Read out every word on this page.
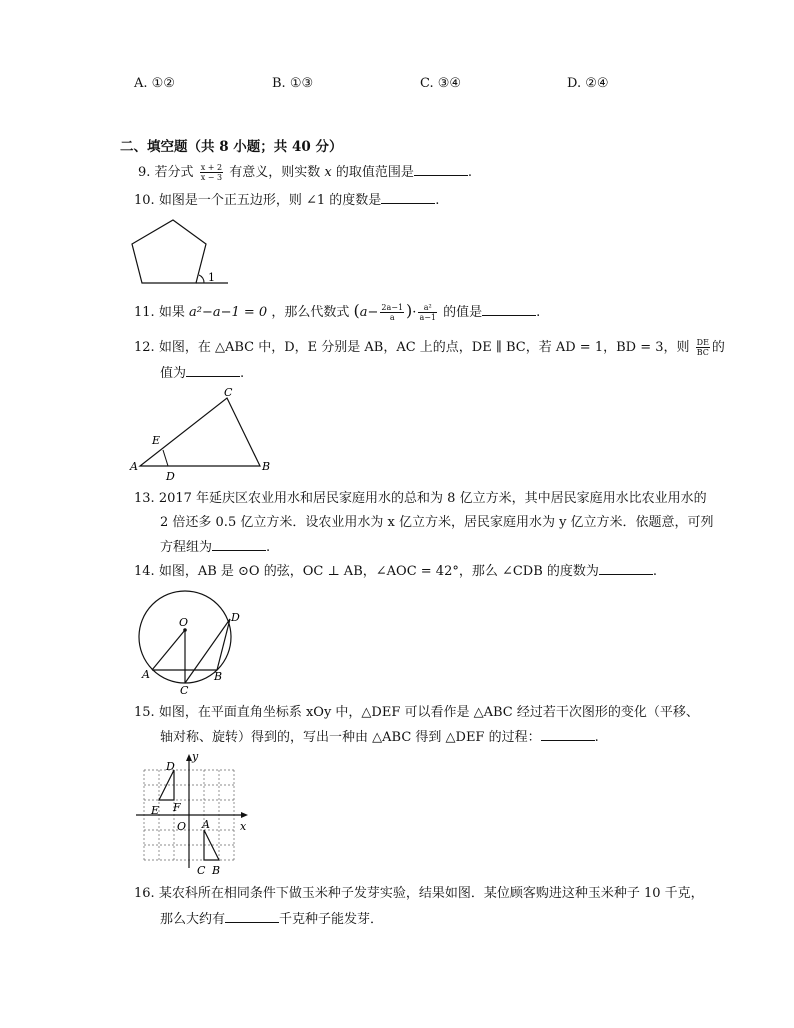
A. ①②	B. ①③	C. ③④	D. ②④
二、填空题（共 8 小题；共 40 分）
9. 若分式 $\frac{x + 2}{x - 3}$ 有意义，则实数 x 的取值范围是	.
10. 如图是一个正五边形，则 ∠1 的度数是	.
1
11. 如果 a²−a−1 = 0 ，那么代数式 ($a- \frac{2a-1}{a}$ )· $\frac{\text{a²}}{a-1}$ 的值是	.
12. 如图，在 △ABC 中，D，E 分别是 AB，AC 上的点，DE ∥ BC，若 AD = 1，BD = 3，则 $\frac{DE}{BC}$ 的
值为	.
A	B
C
D
E
13. 2017 年延庆区农业用水和居民家庭用水的总和为 8 亿立方米，其中居民家庭用水比农业用水的
2 倍还多 0.5 亿立方米．设农业用水为 x 亿立方米，居民家庭用水为 y 亿立方米．依题意，可列
方程组为	.
14. 如图，AB 是 ⊙O 的弦，OC ⊥ AB，∠AOC = 42°，那么 ∠CDB 的度数为	.
O
A	B
C
D
15. 如图，在平面直角坐标系 xOy 中，△DEF 可以看作是 △ABC 经过若干次图形的变化（平移、
轴对称、旋转）得到的，写出一种由 △ABC 得到 △DEF 的过程：	.
y
x
O
D
E F
A
B
C
16. 某农科所在相同条件下做玉米种子发芽实验，结果如图．某位顾客购进这种玉米种子 10 千克，
那么大约有	千克种子能发芽．
